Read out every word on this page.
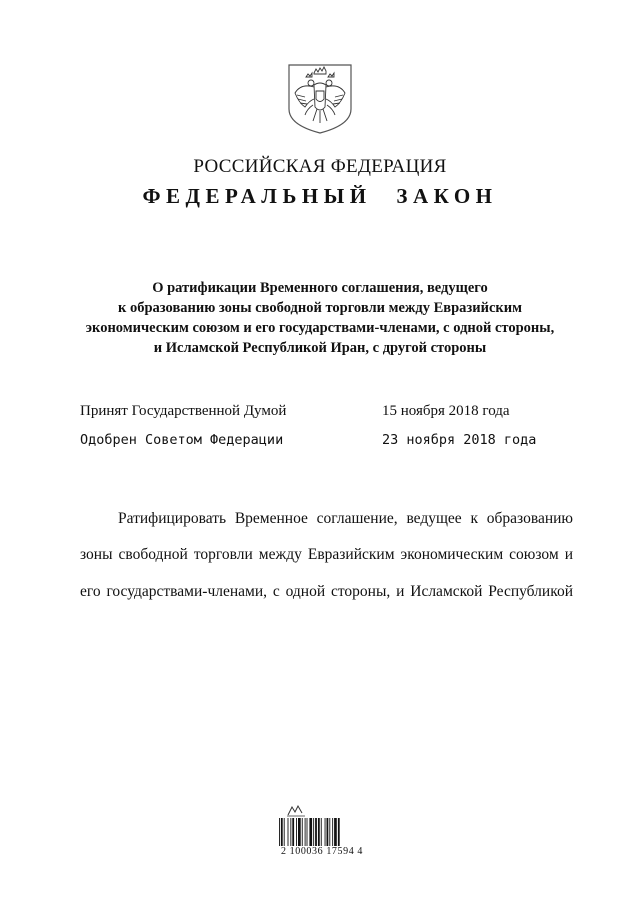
РОССИЙСКАЯ ФЕДЕРАЦИЯ
ФЕДЕРАЛЬНЫЙ ЗАКОН
О ратификации Временного соглашения, ведущего
к образованию зоны свободной торговли между Евразийским
экономическим союзом и его государствами-членами, с одной стороны,
и Исламской Республикой Иран, с другой стороны
Принят Государственной Думой	15 ноября 2018 года
Одобрен Советом Федерации	23 ноября 2018 года
Ратифицировать Временное соглашение, ведущее к образованию
зоны свободной торговли между Евразийским экономическим союзом и
его государствами-членами, с одной стороны, и Исламской Республикой
2 100036 17594 4
